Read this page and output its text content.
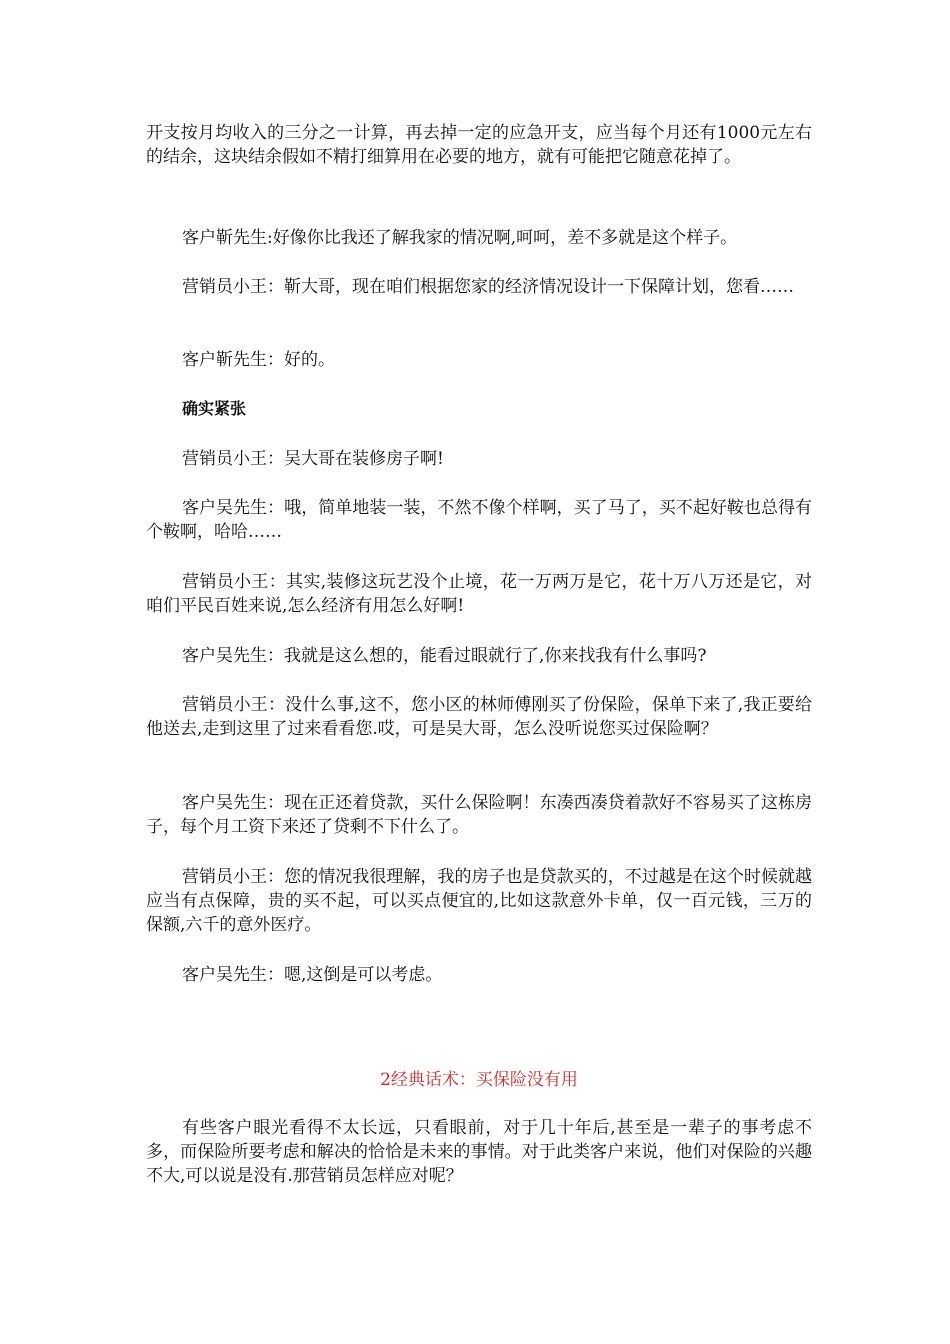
开支按月均收入的三分之一计算，再去掉一定的应急开支，应当每个月还有1000元左右的结余，这块结余假如不精打细算用在必要的地方，就有可能把它随意花掉了。

客户靳先生:好像你比我还了解我家的情况啊,呵呵，差不多就是这个样子。

营销员小王：靳大哥，现在咱们根据您家的经济情况设计一下保障计划，您看……

客户靳先生：好的。

确实紧张

营销员小王：吴大哥在装修房子啊!

客户吴先生：哦，简单地装一装，不然不像个样啊，买了马了，买不起好鞍也总得有个鞍啊，哈哈……

营销员小王：其实,装修这玩艺没个止境，花一万两万是它，花十万八万还是它，对咱们平民百姓来说,怎么经济有用怎么好啊!

客户吴先生：我就是这么想的，能看过眼就行了,你来找我有什么事吗?

营销员小王：没什么事,这不，您小区的林师傅刚买了份保险，保单下来了,我正要给他送去,走到这里了过来看看您.哎，可是吴大哥，怎么没听说您买过保险啊？

客户吴先生：现在正还着贷款，买什么保险啊！东凑西凑贷着款好不容易买了这栋房子，每个月工资下来还了贷剩不下什么了。

营销员小王：您的情况我很理解，我的房子也是贷款买的，不过越是在这个时候就越应当有点保障，贵的买不起，可以买点便宜的,比如这款意外卡单，仅一百元钱，三万的保额,六千的意外医疗。

客户吴先生：嗯,这倒是可以考虑。

2经典话术：买保险没有用

有些客户眼光看得不太长远，只看眼前，对于几十年后,甚至是一辈子的事考虑不多，而保险所要考虑和解决的恰恰是未来的事情。对于此类客户来说，他们对保险的兴趣不大,可以说是没有.那营销员怎样应对呢？
